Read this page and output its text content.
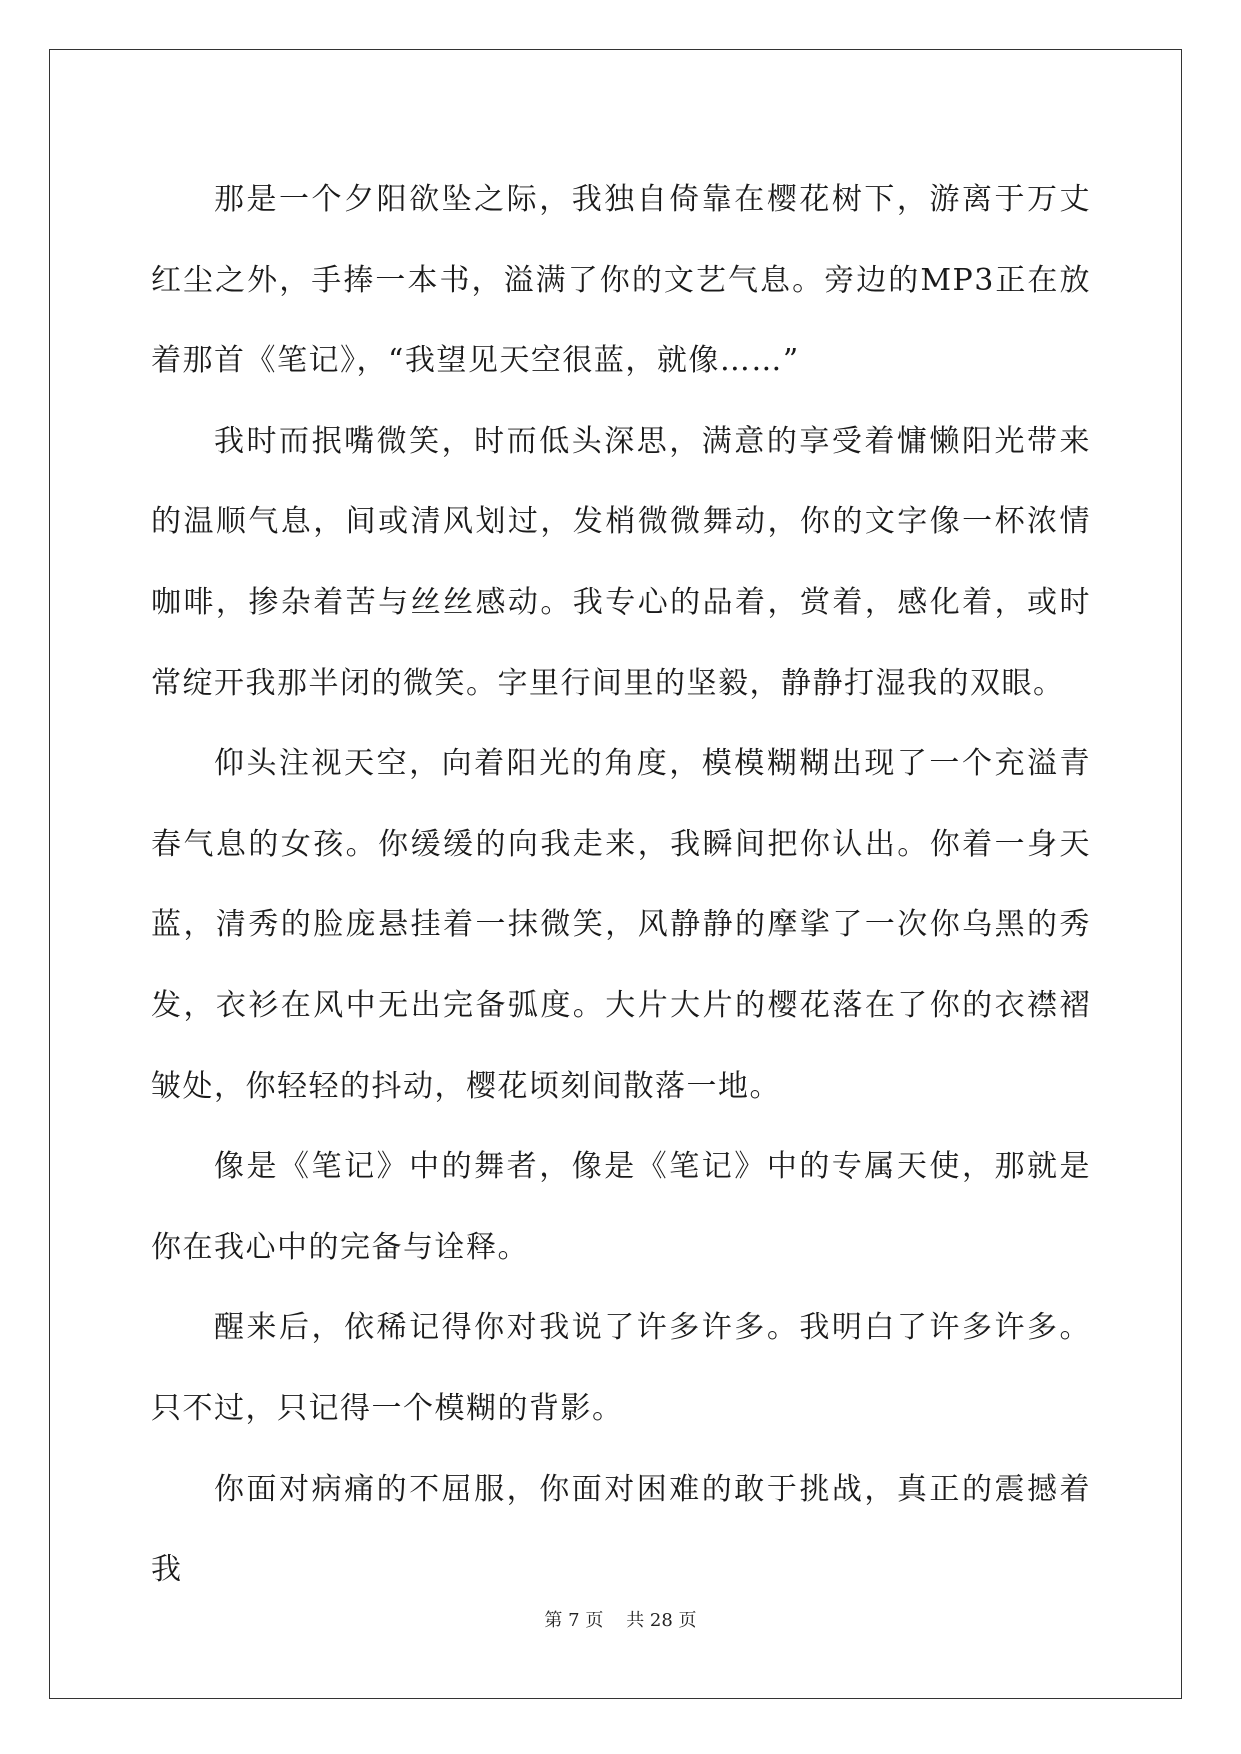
那是一个夕阳欲坠之际，我独自倚靠在樱花树下，游离于万丈红尘之外，手捧一本书，溢满了你的文艺气息。旁边的MP3正在放着那首《笔记》，“我望见天空很蓝，就像……”

我时而抿嘴微笑，时而低头深思，满意的享受着慵懒阳光带来的温顺气息，间或清风划过，发梢微微舞动，你的文字像一杯浓情咖啡，掺杂着苦与丝丝感动。我专心的品着，赏着，感化着，或时常绽开我那半闭的微笑。字里行间里的坚毅，静静打湿我的双眼。

仰头注视天空，向着阳光的角度，模模糊糊出现了一个充溢青春气息的女孩。你缓缓的向我走来，我瞬间把你认出。你着一身天蓝，清秀的脸庞悬挂着一抹微笑，风静静的摩挲了一次你乌黑的秀发，衣衫在风中无出完备弧度。大片大片的樱花落在了你的衣襟褶皱处，你轻轻的抖动，樱花顷刻间散落一地。

像是《笔记》中的舞者，像是《笔记》中的专属天使，那就是你在我心中的完备与诠释。

醒来后，依稀记得你对我说了许多许多。我明白了许多许多。只不过，只记得一个模糊的背影。

你面对病痛的不屈服，你面对困难的敢于挑战，真正的震撼着我

第 7 页    共 28 页
